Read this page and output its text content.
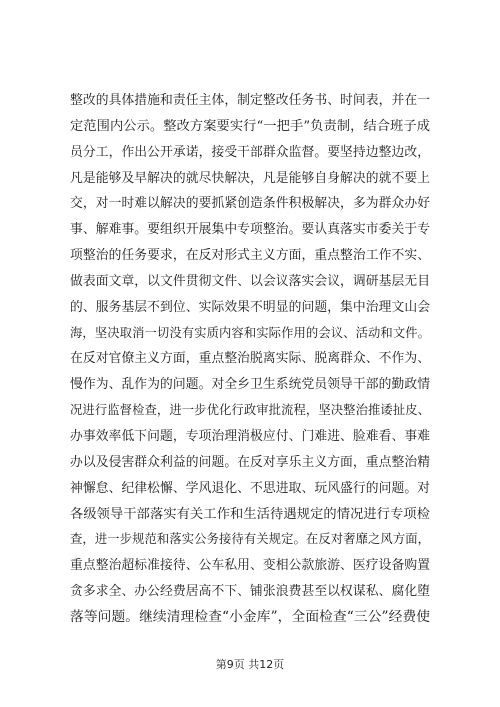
整改的具体措施和责任主体，制定整改任务书、时间表，并在一
定范围内公示。整改方案要实行“一把手”负责制，结合班子成
员分工，作出公开承诺，接受干部群众监督。要坚持边整边改，
凡是能够及早解决的就尽快解决，凡是能够自身解决的就不要上
交，对一时难以解决的要抓紧创造条件积极解决，多为群众办好
事、解难事。要组织开展集中专项整治。要认真落实市委关于专
项整治的任务要求，在反对形式主义方面，重点整治工作不实、
做表面文章，以文件贯彻文件、以会议落实会议，调研基层无目
的、服务基层不到位、实际效果不明显的问题，集中治理文山会
海，坚决取消一切没有实质内容和实际作用的会议、活动和文件。
在反对官僚主义方面，重点整治脱离实际、脱离群众、不作为、
慢作为、乱作为的问题。对全乡卫生系统党员领导干部的勤政情
况进行监督检查，进一步优化行政审批流程，坚决整治推诿扯皮、
办事效率低下问题，专项治理消极应付、门难进、脸难看、事难
办以及侵害群众利益的问题。在反对享乐主义方面，重点整治精
神懈怠、纪律松懈、学风退化、不思进取、玩风盛行的问题。对
各级领导干部落实有关工作和生活待遇规定的情况进行专项检
查，进一步规范和落实公务接待有关规定。在反对奢靡之风方面，
重点整治超标准接待、公车私用、变相公款旅游、医疗设备购置
贪多求全、办公经费居高不下、铺张浪费甚至以权谋私、腐化堕
落等问题。继续清理检查“小金库”，全面检查“三公”经费使
第9页 共12页
